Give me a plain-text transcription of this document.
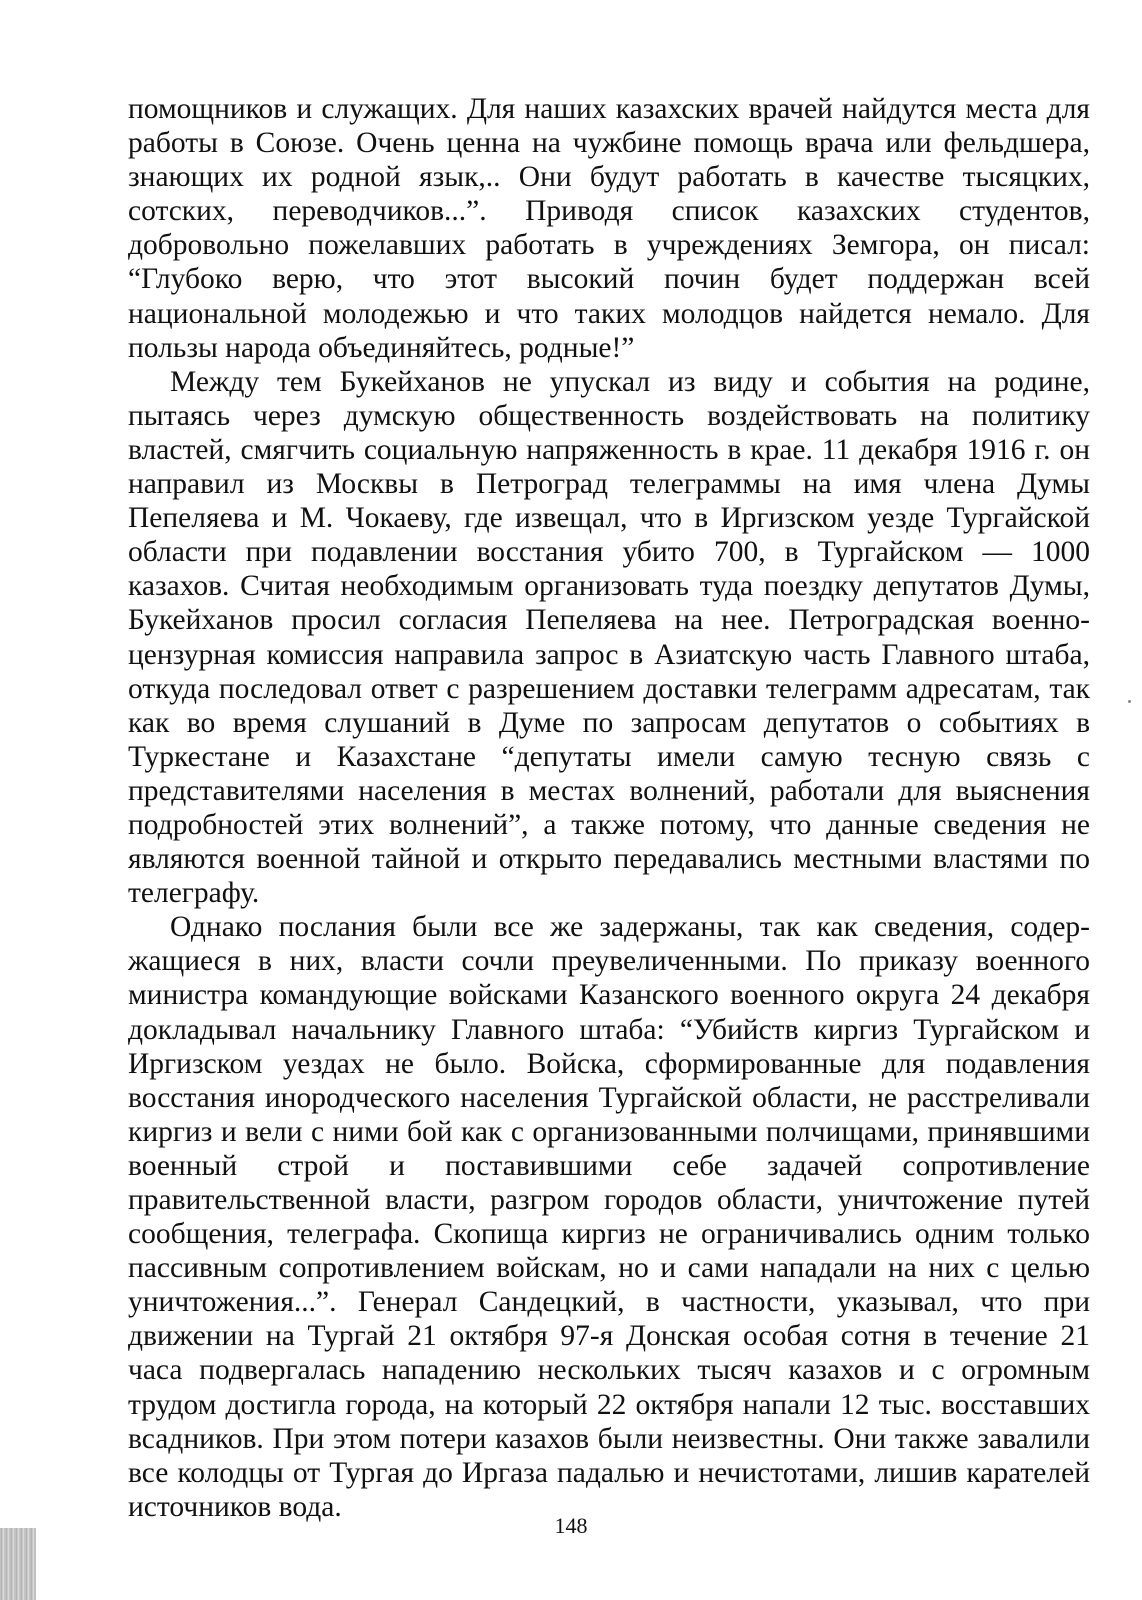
помощников и служащих. Для наших казахских врачей найдутся места для работы в Союзе. Очень ценна на чужбине помощь врача или фельдшера, знающих их родной язык,.. Они будут работать в качестве тысяцких, сотских, переводчиков...”. Приводя список казахских студентов, добровольно пожелавших работать в учреждениях Земгора, он писал: “Глубоко верю, что этот высокий почин будет поддержан всей национальной молодежью и что таких молодцов найдется немало. Для пользы народа объединяйтесь, родные!”

Между тем Букейханов не упускал из виду и события на родине, пытаясь через думскую общественность воздействовать на политику властей, смягчить социальную напряженность в крае. 11 декабря 1916 г. он направил из Москвы в Петроград телеграммы на имя члена Думы Пепеляева и М. Чокаеву, где извещал, что в Иргизском уезде Тургайской области при подавлении восстания убито 700, в Тургайском — 1000 казахов. Считая необходимым организовать туда поездку депутатов Думы, Букейханов просил согласия Пепеляева на нее. Петроградская военно-цензурная комиссия направила запрос в Азиатскую часть Главного штаба, откуда последовал ответ с разрешением доставки телеграмм адресатам, так как во время слушаний в Думе по запросам депутатов о событиях в Туркестане и Казахстане “депутаты имели самую тесную связь с представителями населения в местах волнений, работали для выяснения подробностей этих волнений”, а также потому, что данные сведения не являются военной тайной и открыто передавались местными властями по телеграфу.

Однако послания были все же задержаны, так как сведения, содержащиеся в них, власти сочли преувеличенными. По приказу военного министра командующие войсками Казанского военного округа 24 декабря докладывал начальнику Главного штаба: “Убийств киргиз Тургайском и Иргизском уездах не было. Войска, сформированные для подавления восстания инородческого населения Тургайской области, не расстреливали киргиз и вели с ними бой как с организованными полчищами, принявшими военный строй и поставившими себе задачей сопротивление правительственной власти, разгром городов области, уничтожение путей сообщения, телеграфа. Скопища киргиз не ограничивались одним только пассивным сопротивлением войскам, но и сами нападали на них с целью уничтожения...”. Генерал Сандецкий, в частности, указывал, что при движении на Тургай 21 октября 97-я Донская особая сотня в течение 21 часа подвергалась нападению нескольких тысяч казахов и с огромным трудом достигла города, на который 22 октября напали 12 тыс. восставших всадников. При этом потери казахов были неизвестны. Они также завалили все колодцы от Тургая до Иргаза падалью и нечистотами, лишив карателей источников вода.

148
